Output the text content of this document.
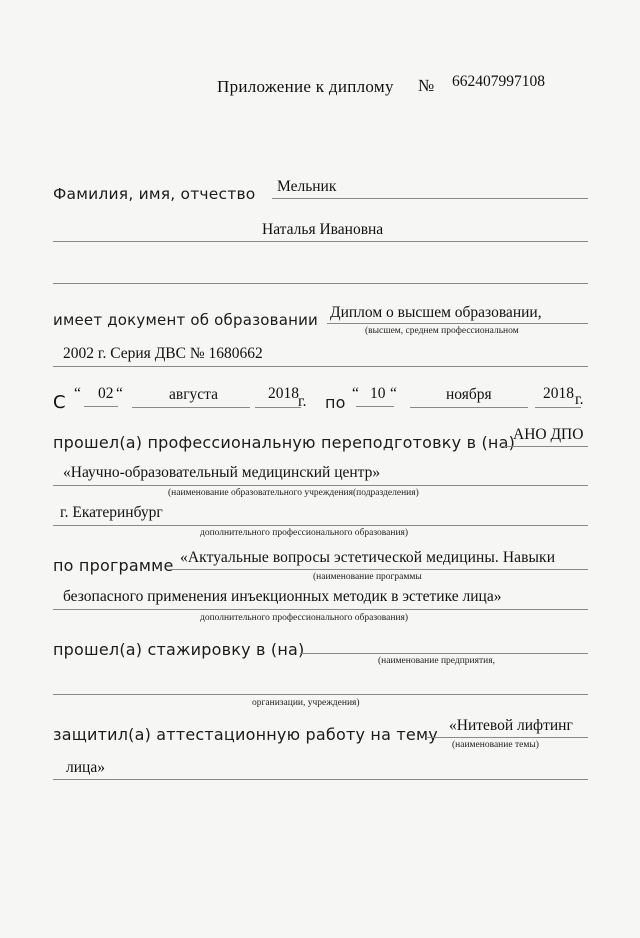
Приложение к диплому № 662407997108
Фамилия, имя, отчество Мельник
Наталья Ивановна
имеет документ об образовании Диплом о высшем образовании,
(высшем, среднем профессиональном
2002 г. Серия ДВС № 1680662
С “ 02 “	августа	2018 г. по “ 10 “	ноября	2018 г.
прошел(а) профессиональную переподготовку в (на)
АНО ДПО
«Научно-образовательный медицинский центр»
(наименование образовательного учреждения(подразделения)
г. Екатеринбург
дополнительного профессионального образования)
по программе «Актуальные вопросы эстетической медицины. Навыки
(наименование программы
безопасного применения инъекционных методик в эстетике лица»
дополнительного профессионального образования)
прошел(а) стажировку в (на)
(наименование предприятия,
организации, учреждения)
защитил(а) аттестационную работу на тему «Нитевой лифтинг
(наименование темы)
лица»
